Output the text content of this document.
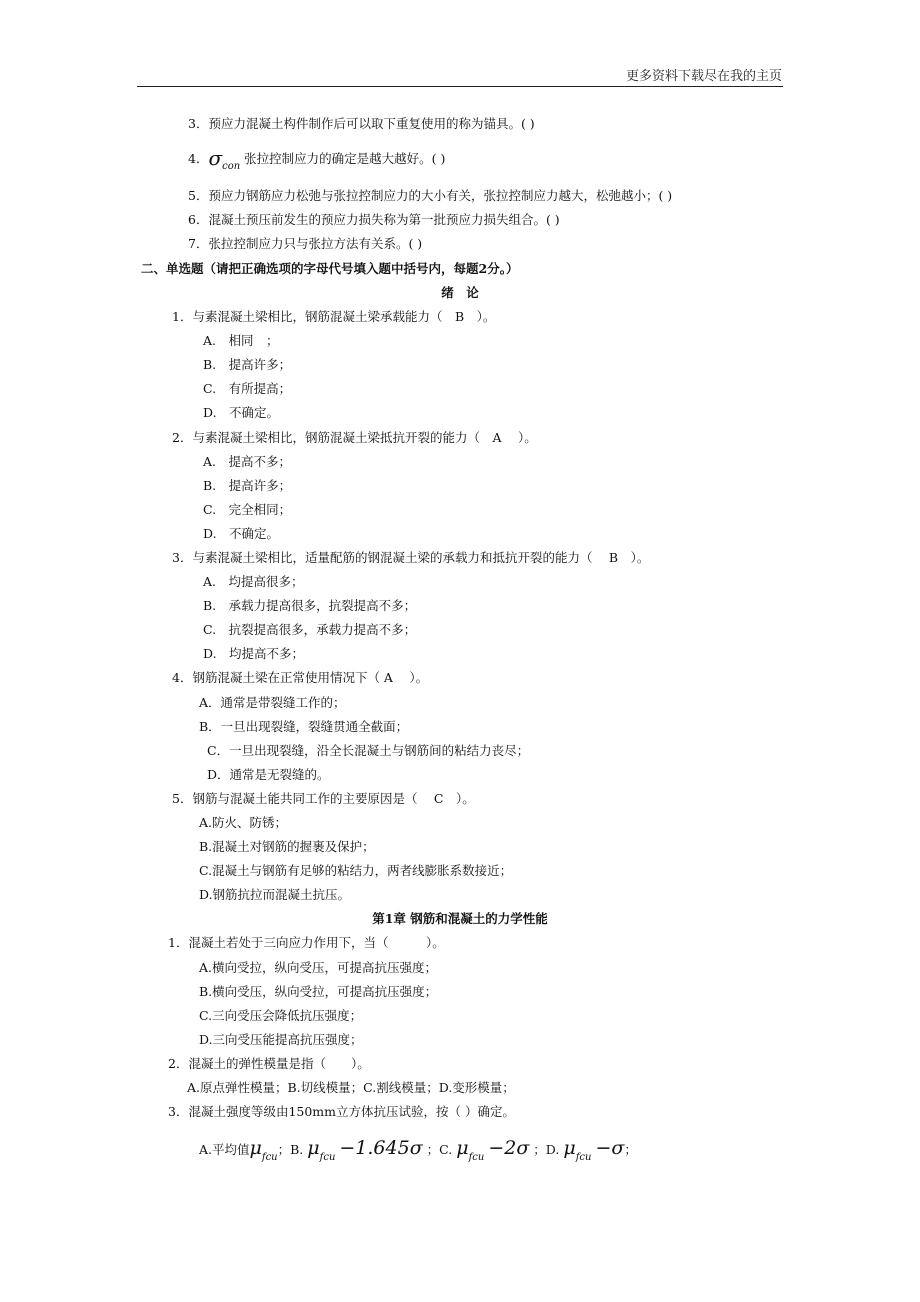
更多资料下载尽在我的主页
3．预应力混凝土构件制作后可以取下重复使用的称为锚具。( )
4．$\sigma_{con}$ 张拉控制应力的确定是越大越好。( )
5．预应力钢筋应力松弛与张拉控制应力的大小有关，张拉控制应力越大，松弛越小；( )
6．混凝土预压前发生的预应力损失称为第一批预应力损失组合。( )
7．张拉控制应力只与张拉方法有关系。( )
二、单选题（请把正确选项的字母代号填入题中括号内，每题2分。）
绪　论
1．与素混凝土梁相比，钢筋混凝土梁承载能力（　B　）。
A.　相同　；
B.　提高许多；
C.　有所提高；
D.　不确定。
2．与素混凝土梁相比，钢筋混凝土梁抵抗开裂的能力（　A　 ）。
A.　提高不多；
B.　提高许多；
C.　完全相同；
D.　不确定。
3．与素混凝土梁相比，适量配筋的钢混凝土梁的承载力和抵抗开裂的能力（　 B　）。
A.　均提高很多；
B.　承载力提高很多，抗裂提高不多；
C.　抗裂提高很多，承载力提高不多；
D.　均提高不多；
4．钢筋混凝土梁在正常使用情况下（ A　 ）。
A．通常是带裂缝工作的；
B．一旦出现裂缝，裂缝贯通全截面；
C．一旦出现裂缝，沿全长混凝土与钢筋间的粘结力丧尽；
D．通常是无裂缝的。
5．钢筋与混凝土能共同工作的主要原因是（　 C　）。
A.防火、防锈；
B.混凝土对钢筋的握裹及保护；
C.混凝土与钢筋有足够的粘结力，两者线膨胀系数接近；
D.钢筋抗拉而混凝土抗压。
第1章 钢筋和混凝土的力学性能
1．混凝土若处于三向应力作用下，当（　　　）。
A.横向受拉，纵向受压，可提高抗压强度；
B.横向受压，纵向受拉，可提高抗压强度；
C.三向受压会降低抗压强度；
D.三向受压能提高抗压强度；
2．混凝土的弹性模量是指（　　）。
A.原点弹性模量；B.切线模量；C.割线模量；D.变形模量；
3．混凝土强度等级由150mm立方体抗压试验，按（ ）确定。
A.平均值$\mu_{fcu}$；B. $\mu_{fcu} -1.645\sigma$ ；C. $\mu_{fcu} -2\sigma$ ；D. $\mu_{fcu} -\sigma$；
